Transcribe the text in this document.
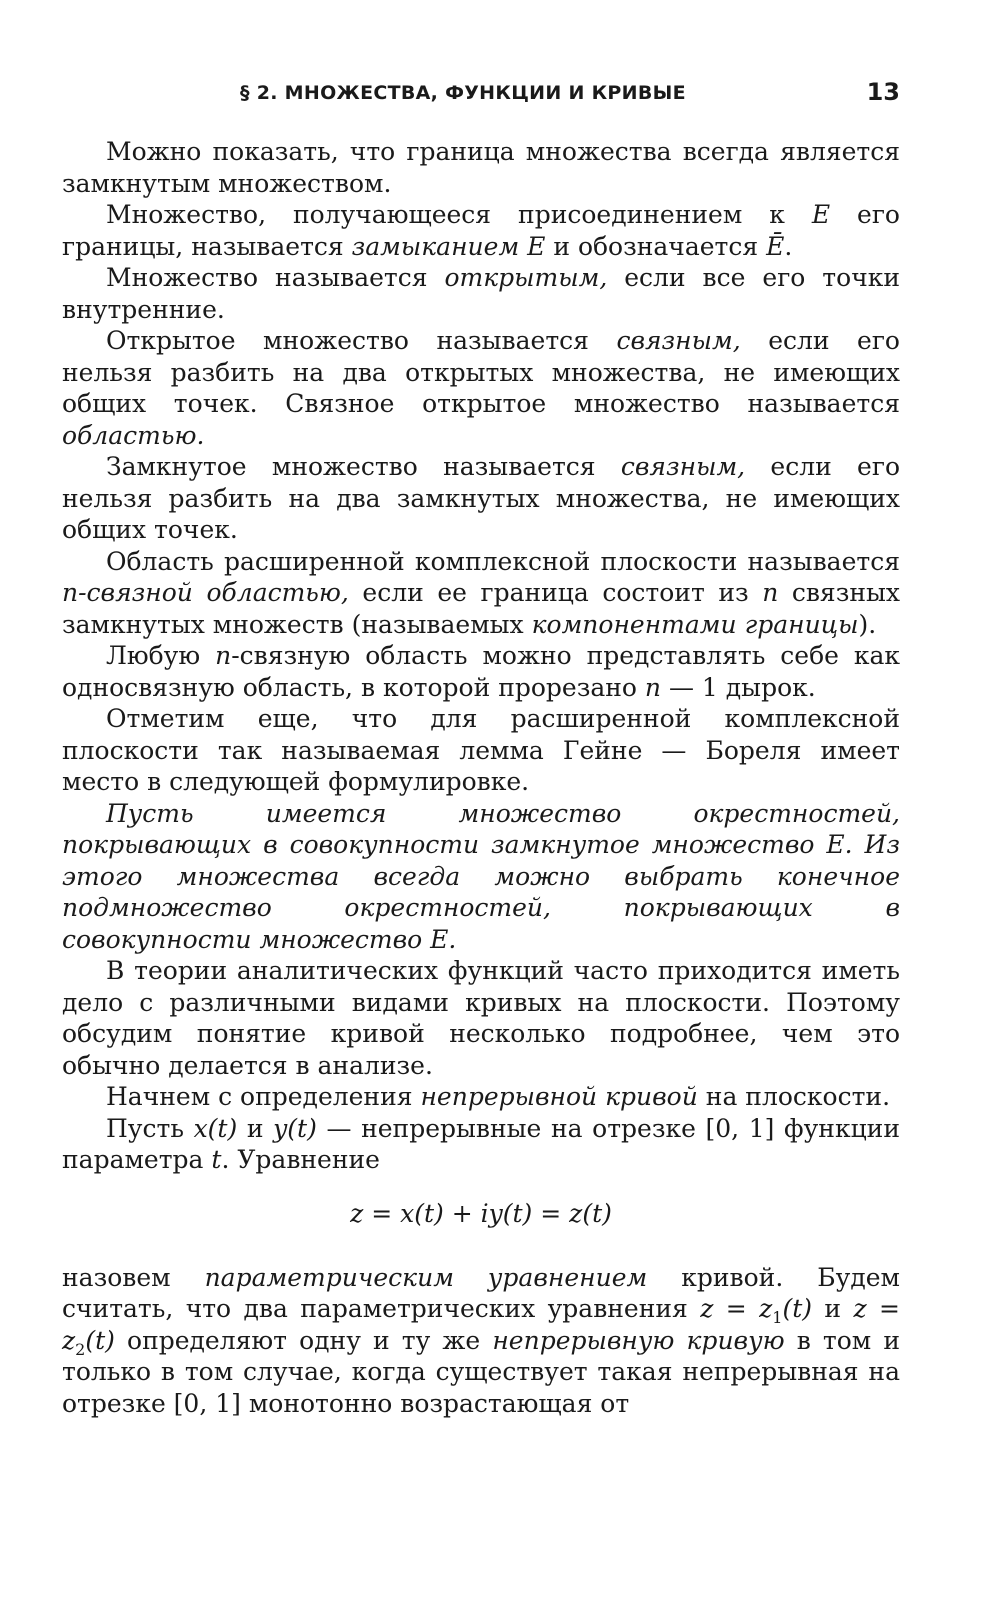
§ 2. МНОЖЕСТВА, ФУНКЦИИ И КРИВЫЕ	13

Можно показать, что граница множества всегда является замкнутым множеством.

Множество, получающееся присоединением к E его границы, называется замыканием E и обозначается Ē.

Множество называется открытым, если все его точки внутренние.

Открытое множество называется связным, если его нельзя разбить на два открытых множества, не имеющих общих точек. Связное открытое множество называется областью.

Замкнутое множество называется связным, если его нельзя разбить на два замкнутых множества, не имеющих общих точек.

Область расширенной комплексной плоскости называется n-связной областью, если ее граница состоит из n связных замкнутых множеств (называемых компонентами границы).

Любую n-связную область можно представлять себе как односвязную область, в которой прорезано n — 1 дырок.

Отметим еще, что для расширенной комплексной плоскости так называемая лемма Гейне — Бореля имеет место в следующей формулировке.

Пусть имеется множество окрестностей, покрывающих в совокупности замкнутое множество E. Из этого множества всегда можно выбрать конечное подмножество окрестностей, покрывающих в совокупности множество E.

В теории аналитических функций часто приходится иметь дело с различными видами кривых на плоскости. Поэтому обсудим понятие кривой несколько подробнее, чем это обычно делается в анализе.

Начнем с определения непрерывной кривой на плоскости.

Пусть x(t) и y(t) — непрерывные на отрезке [0, 1] функции параметра t. Уравнение

z = x(t) + iy(t) = z(t)

назовем параметрическим уравнением кривой. Будем считать, что два параметрических уравнения $z = z_1(t)$ и $z = z_2(t)$ определяют одну и ту же непрерывную кривую в том и только в том случае, когда существует такая непрерывная на отрезке [0, 1] монотонно возрастающая от
